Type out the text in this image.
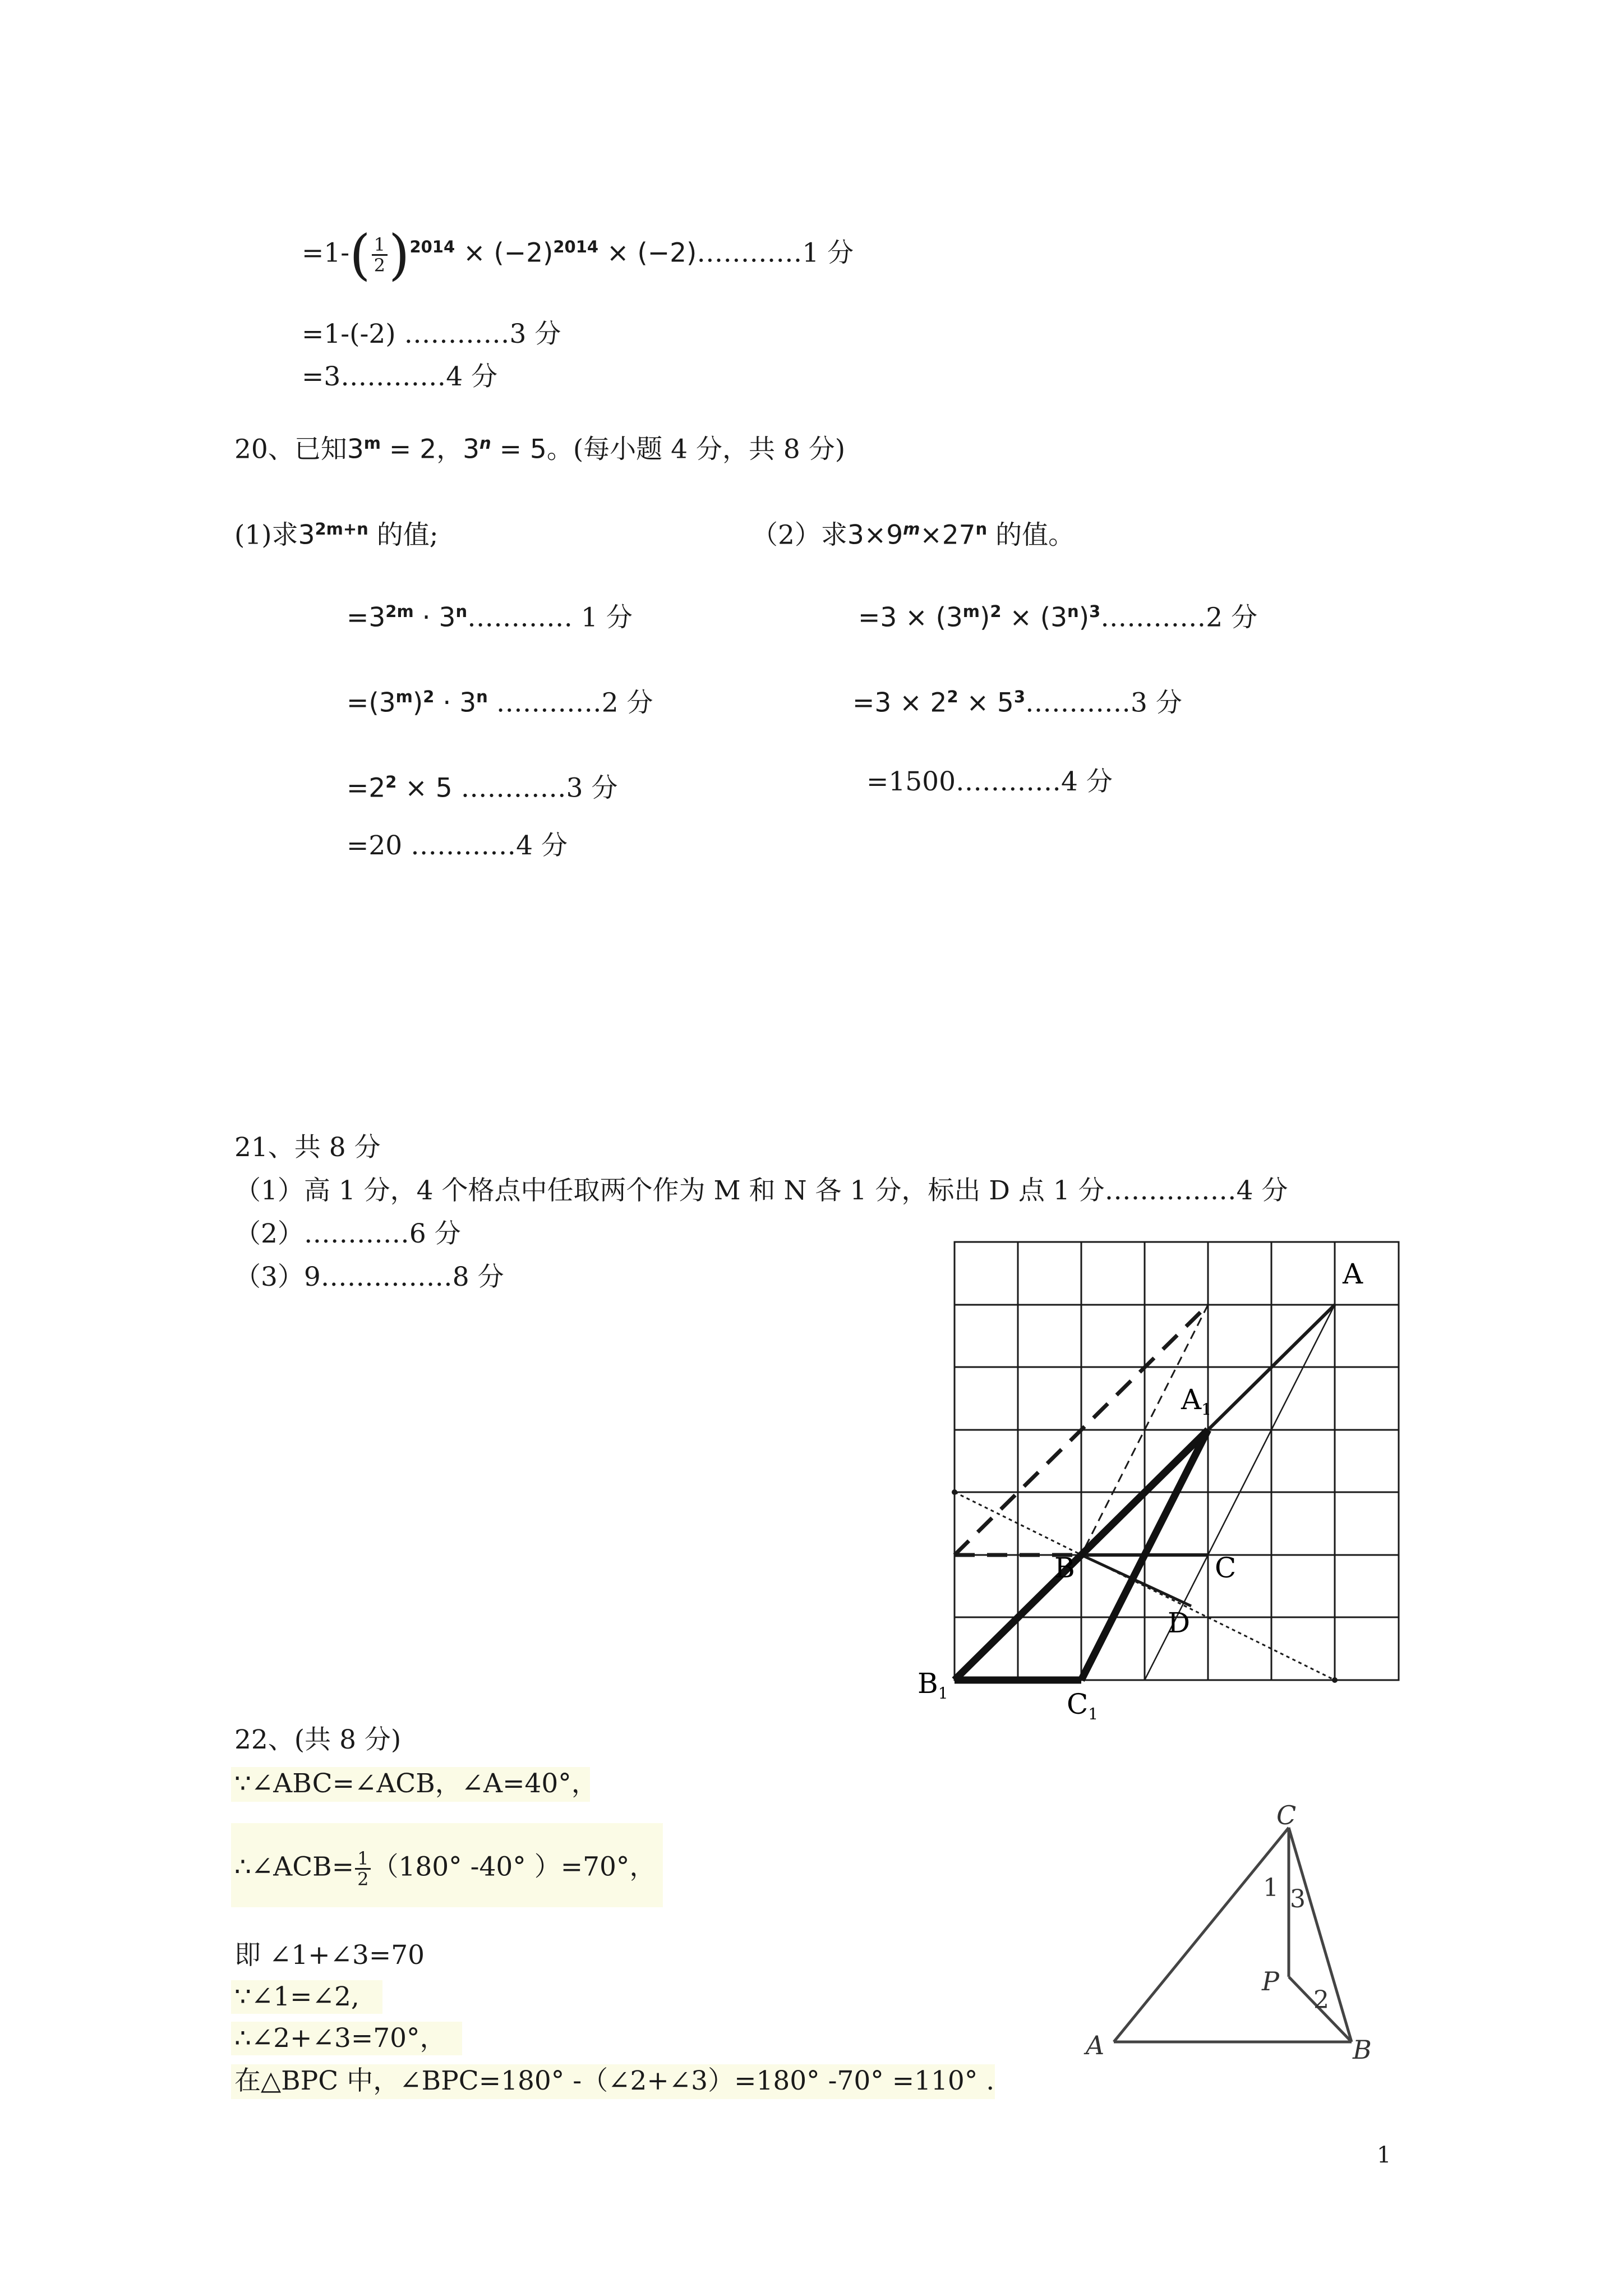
$=1-( \frac{1}{2} )^{2014} \times (-2)^{2014}$ × (−2)…………1 分
=1-(-2) …………3 分
=3…………4 分
20、已知$3^m = 2$，$3^n = 5$。(每小题 4 分，共 8 分)
(1)求$3^{2m+n}$ 的值;	（2）求$3\times 9^m\times 27^n$ 的值。
$=3^{2m}$ · $3^n\dots\dots\dots\dots$ 1 分
$=(3^m)^2 \cdot 3^n$ …………2 分
$=2^2 \times 5$ …………3 分
=20 …………4 分
$=3 \times (3^m)^2$ × $(3^n)^3\dots\dots\dots\dots 2$ 分
$=3 \times 2^2$ × $5^3\dots\dots\dots\dots 3$ 分
=1500…………4 分
21、共 8 分
（1）高 1 分，4 个格点中任取两个作为 M 和 N 各 1 分，标出 D 点 1 分……………4 分
（2）…………6 分
（3）9……………8 分	A
$A_1$
B	C
D
$B_1$	$C_1$
22、(共 8 分)
∵∠ABC=∠ACB，∠A=40°，
∴∠ACB= $\frac{1}{2} (180^\circ$ -40° ）=70°，
即 ∠1+∠3=70
∵∠1=∠2,
∴∠2+∠3=70°，
在△BPC 中，∠BPC=180° -（∠2+∠3）=180° -70° =110° .
C
1 3
P
2
A	B
1
